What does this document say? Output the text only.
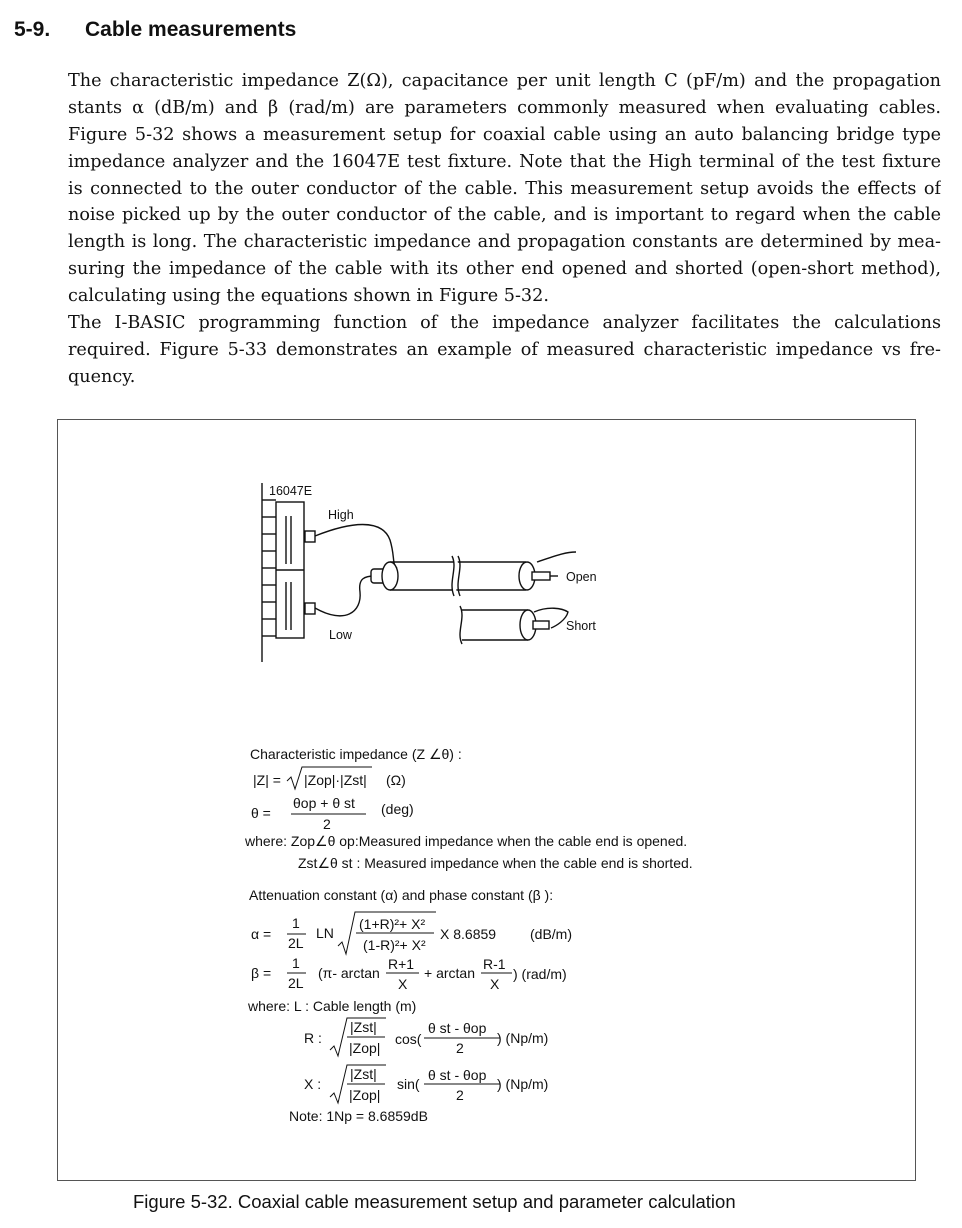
5-9. Cable measurements
The characteristic impedance Z(Ω), capacitance per unit length C (pF/m) and the propagation
stants α (dB/m) and β (rad/m) are parameters commonly measured when evaluating cables.
Figure 5-32 shows a measurement setup for coaxial cable using an auto balancing bridge type
impedance analyzer and the 16047E test fixture. Note that the High terminal of the test fixture
is connected to the outer conductor of the cable. This measurement setup avoids the effects of
noise picked up by the outer conductor of the cable, and is important to regard when the cable
length is long. The characteristic impedance and propagation constants are determined by mea-
suring the impedance of the cable with its other end opened and shorted (open-short method),
calculating using the equations shown in Figure 5-32.
The I-BASIC programming function of the impedance analyzer facilitates the calculations
required. Figure 5-33 demonstrates an example of measured characteristic impedance vs fre-
quency.
16047E
High
Low
Open
Short
Characteristic impedance (Z ∠θ) :
|Z| = |Zop|·|Zst| (Ω)
θ =
θop + θ st
2
(deg)
where: Zop∠θ op:Measured impedance when the cable end is opened.
Zst∠θ st : Measured impedance when the cable end is shorted.
Attenuation constant (α) and phase constant (β ):
α =
1
2L
LN
(1+R)²+ X²
(1-R)²+ X²
X 8.6859 (dB/m)
β =
1
2L
(π- arctan
R+1
X
+ arctan
R-1
X
) (rad/m)
where: L : Cable length (m)
R :
|Zst|
|Zop|
cos(
θ st - θop
2
) (Np/m)
X :
|Zst|
|Zop|
sin(
θ st - θop
2
) (Np/m)
Note: 1Np = 8.6859dB
Figure 5-32. Coaxial cable measurement setup and parameter calculation
